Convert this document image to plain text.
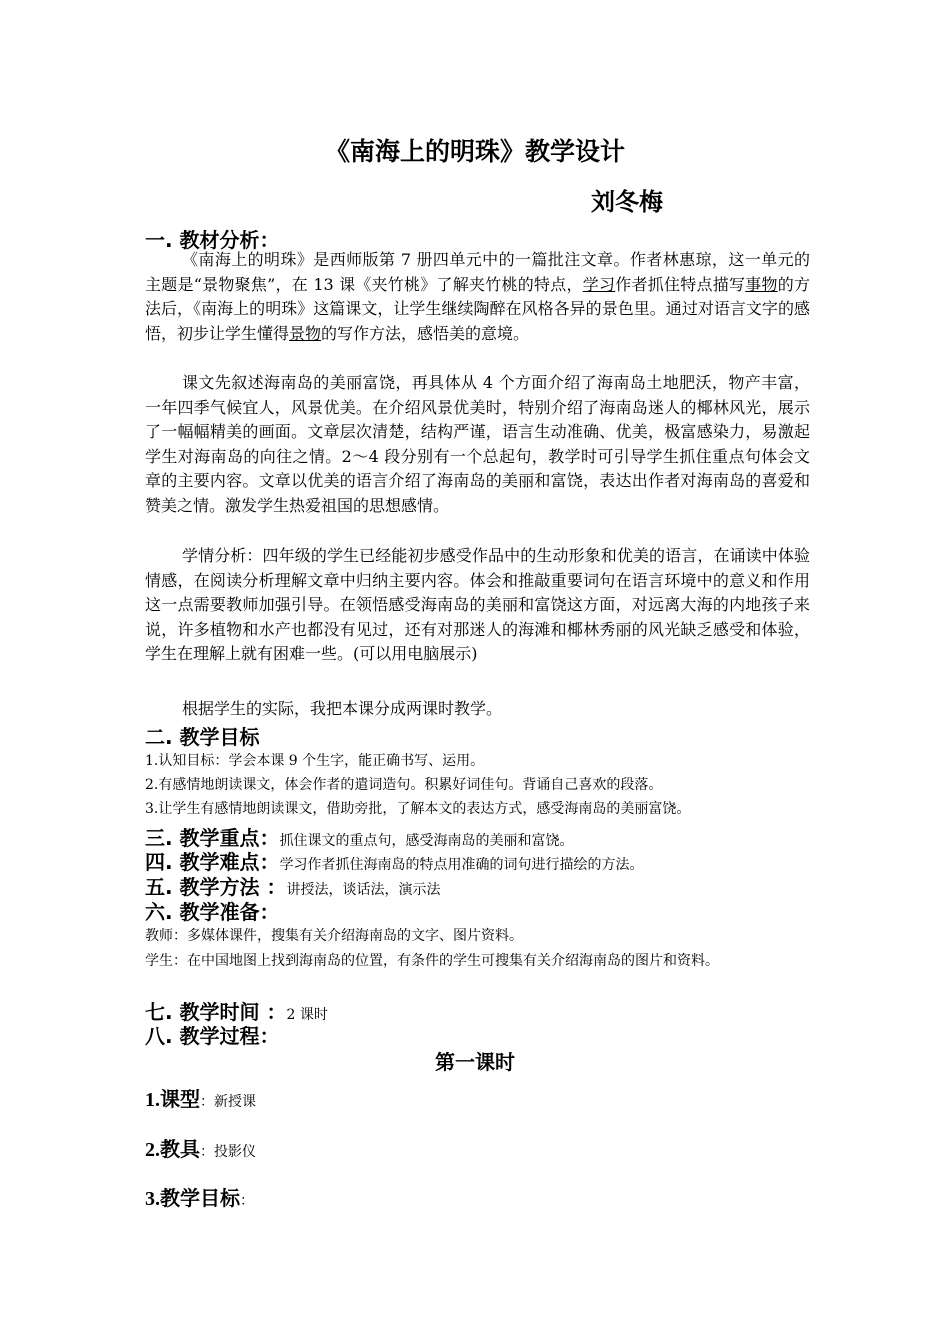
《南海上的明珠》教学设计
刘冬梅
一. 教材分析：
《南海上的明珠》是西师版第 7 册四单元中的一篇批注文章。作者林惠琼，这一单元的主题是“景物聚焦”，在 13 课《夹竹桃》了解夹竹桃的特点，学习作者抓住特点描写事物的方法后，《南海上的明珠》这篇课文，让学生继续陶醉在风格各异的景色里。通过对语言文字的感悟，初步让学生懂得景物的写作方法，感悟美的意境。
课文先叙述海南岛的美丽富饶，再具体从 4 个方面介绍了海南岛土地肥沃，物产丰富，一年四季气候宜人，风景优美。在介绍风景优美时，特别介绍了海南岛迷人的椰林风光，展示了一幅幅精美的画面。文章层次清楚，结构严谨，语言生动准确、优美，极富感染力，易激起学生对海南岛的向往之情。2～4 段分别有一个总起句，教学时可引导学生抓住重点句体会文章的主要内容。文章以优美的语言介绍了海南岛的美丽和富饶，表达出作者对海南岛的喜爱和赞美之情。激发学生热爱祖国的思想感情。
学情分析：四年级的学生已经能初步感受作品中的生动形象和优美的语言，在诵读中体验情感，在阅读分析理解文章中归纳主要内容。体会和推敲重要词句在语言环境中的意义和作用这一点需要教师加强引导。在领悟感受海南岛的美丽和富饶这方面，对远离大海的内地孩子来说，许多植物和水产也都没有见过，还有对那迷人的海滩和椰林秀丽的风光缺乏感受和体验，学生在理解上就有困难一些。(可以用电脑展示)
根据学生的实际，我把本课分成两课时教学。
二. 教学目标
1.认知目标：学会本课 9 个生字，能正确书写、运用。
2.有感情地朗读课文，体会作者的遣词造句。积累好词佳句。背诵自己喜欢的段落。
3.让学生有感情地朗读课文，借助旁批，了解本文的表达方式，感受海南岛的美丽富饶。
三. 教学重点：抓住课文的重点句，感受海南岛的美丽和富饶。
四. 教学难点：学习作者抓住海南岛的特点用准确的词句进行描绘的方法。
五. 教学方法 ：讲授法，谈话法，演示法
六. 教学准备：
教师：多媒体课件，搜集有关介绍海南岛的文字、图片资料。
学生：在中国地图上找到海南岛的位置，有条件的学生可搜集有关介绍海南岛的图片和资料。
七. 教学时间 ：2 课时
八. 教学过程：
第一课时
1.课型：新授课
2.教具：投影仪
3.教学目标：
